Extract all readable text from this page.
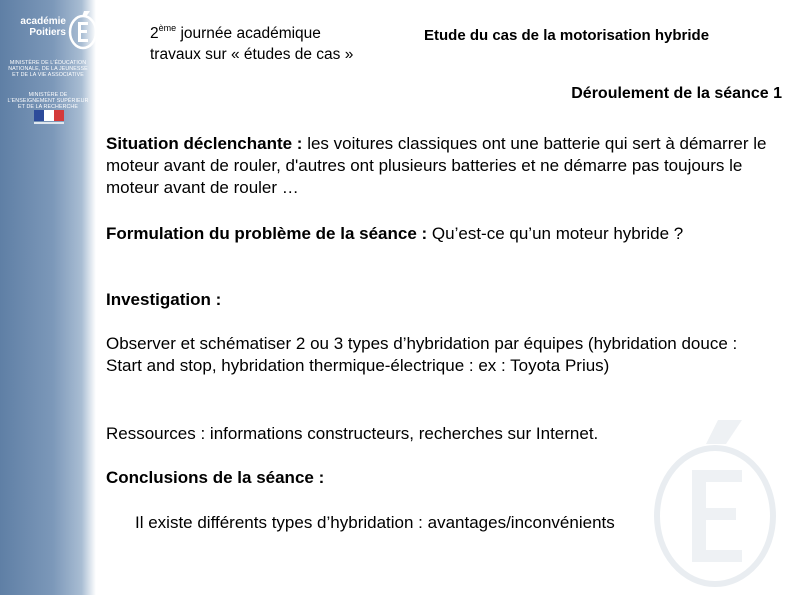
académie
Poitiers
MINISTÈRE DE L'ÉDUCATION NATIONALE, DE LA JEUNESSE ET DE LA VIE ASSOCIATIVE
MINISTÈRE DE L'ENSEIGNEMENT SUPÉRIEUR ET DE LA RECHERCHE
2ème journée académique
travaux sur « études de cas »
Etude du cas de la motorisation hybride
Déroulement de la séance 1

Situation déclenchante : les voitures classiques ont une batterie qui sert à démarrer le moteur avant de rouler, d'autres ont plusieurs batteries et ne démarre pas toujours le moteur avant de rouler …

Formulation du problème de la séance : Qu’est-ce qu’un moteur hybride ?

Investigation :

Observer et schématiser 2 ou 3 types d’hybridation par équipes (hybridation douce : Start and stop, hybridation thermique-électrique : ex : Toyota Prius)

Ressources : informations constructeurs, recherches sur Internet.

Conclusions de la séance :

Il existe différents types d’hybridation : avantages/inconvénients
